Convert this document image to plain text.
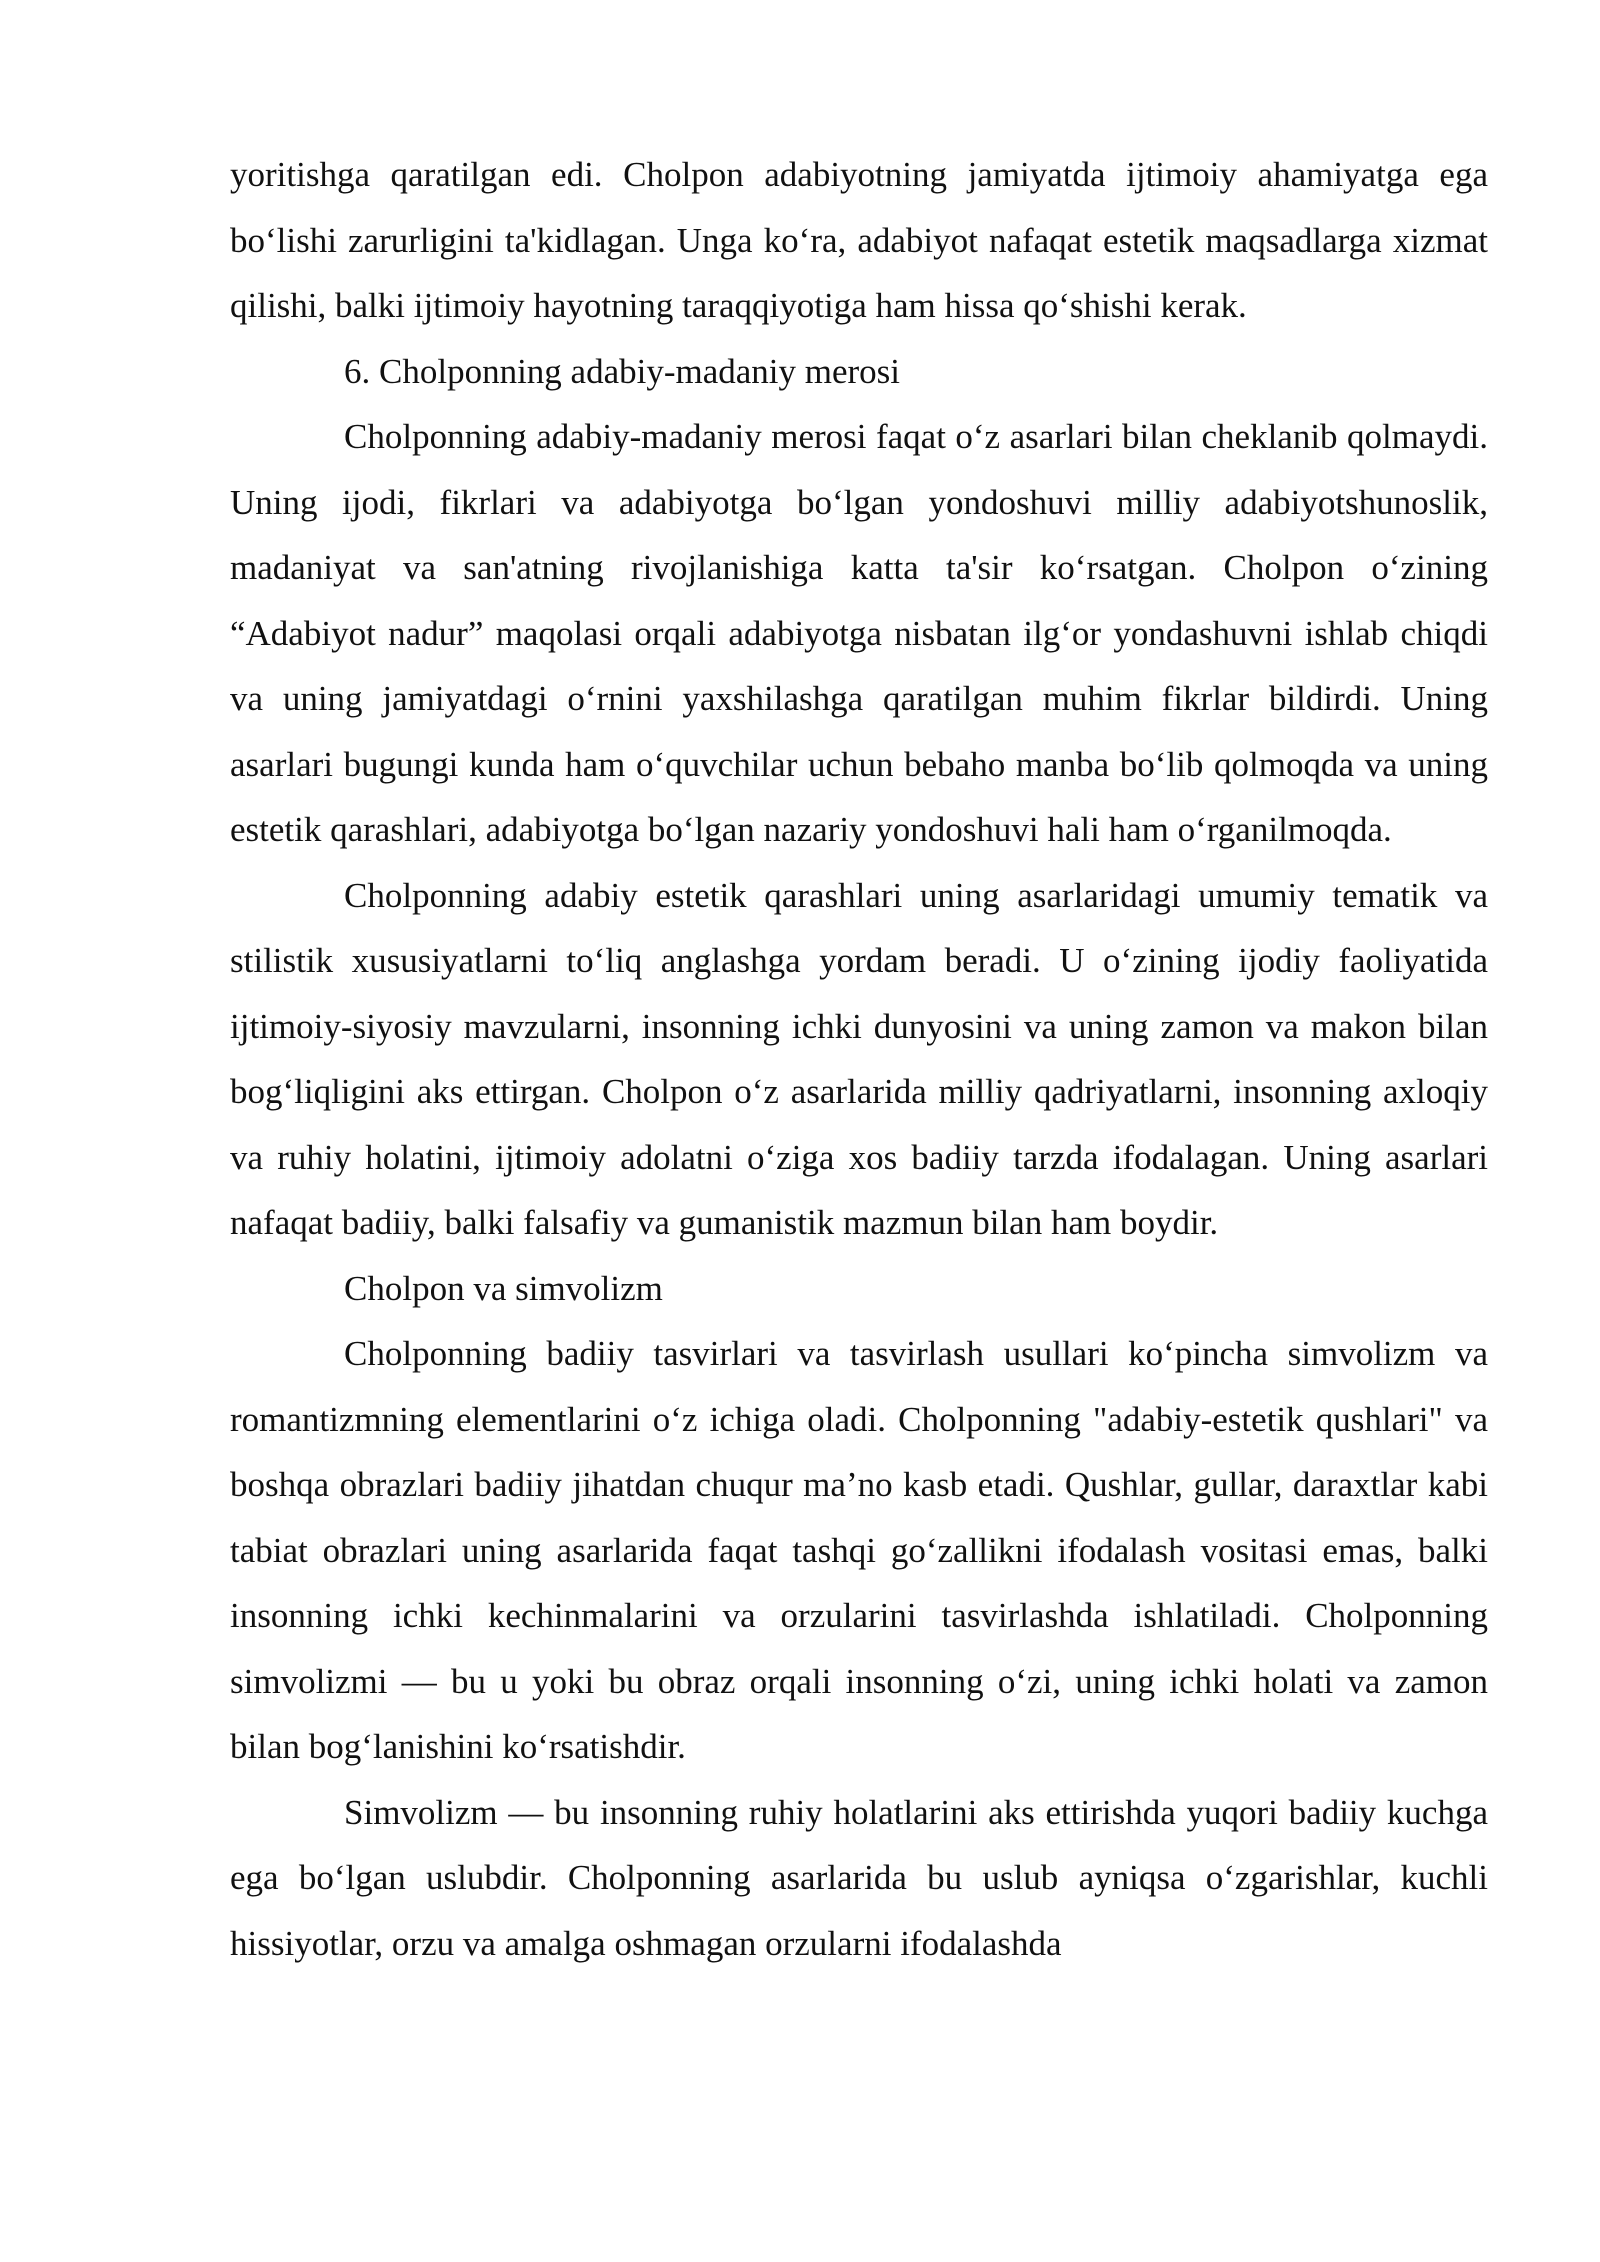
yoritishga qaratilgan edi. Cholpon adabiyotning jamiyatda ijtimoiy ahamiyatga ega bo‘lishi zarurligini ta'kidlagan. Unga ko‘ra, adabiyot nafaqat estetik maqsadlarga xizmat qilishi, balki ijtimoiy hayotning taraqqiyotiga ham hissa qo‘shishi kerak.

6. Cholponning adabiy-madaniy merosi

Cholponning adabiy-madaniy merosi faqat o‘z asarlari bilan cheklanib qolmaydi. Uning ijodi, fikrlari va adabiyotga bo‘lgan yondoshuvi milliy adabiyotshunoslik, madaniyat va san'atning rivojlanishiga katta ta'sir ko‘rsatgan. Cholpon o‘zining “Adabiyot nadur” maqolasi orqali adabiyotga nisbatan ilg‘or yondashuvni ishlab chiqdi va uning jamiyatdagi o‘rnini yaxshilashga qaratilgan muhim fikrlar bildirdi. Uning asarlari bugungi kunda ham o‘quvchilar uchun bebaho manba bo‘lib qolmoqda va uning estetik qarashlari, adabiyotga bo‘lgan nazariy yondoshuvi hali ham o‘rganilmoqda.

Cholponning adabiy estetik qarashlari uning asarlaridagi umumiy tematik va stilistik xususiyatlarni to‘liq anglashga yordam beradi. U o‘zining ijodiy faoliyatida ijtimoiy-siyosiy mavzularni, insonning ichki dunyosini va uning zamon va makon bilan bog‘liqligini aks ettirgan. Cholpon o‘z asarlarida milliy qadriyatlarni, insonning axloqiy va ruhiy holatini, ijtimoiy adolatni o‘ziga xos badiiy tarzda ifodalagan. Uning asarlari nafaqat badiiy, balki falsafiy va gumanistik mazmun bilan ham boydir.

Cholpon va simvolizm

Cholponning badiiy tasvirlari va tasvirlash usullari ko‘pincha simvolizm va romantizmning elementlarini o‘z ichiga oladi. Cholponning "adabiy-estetik qushlari" va boshqa obrazlari badiiy jihatdan chuqur ma’no kasb etadi. Qushlar, gullar, daraxtlar kabi tabiat obrazlari uning asarlarida faqat tashqi go‘zallikni ifodalash vositasi emas, balki insonning ichki kechinmalarini va orzularini tasvirlashda ishlatiladi. Cholponning simvolizmi — bu u yoki bu obraz orqali insonning o‘zi, uning ichki holati va zamon bilan bog‘lanishini ko‘rsatishdir.

Simvolizm — bu insonning ruhiy holatlarini aks ettirishda yuqori badiiy kuchga ega bo‘lgan uslubdir. Cholponning asarlarida bu uslub ayniqsa o‘zgarishlar, kuchli hissiyotlar, orzu va amalga oshmagan orzularni ifodalashda
